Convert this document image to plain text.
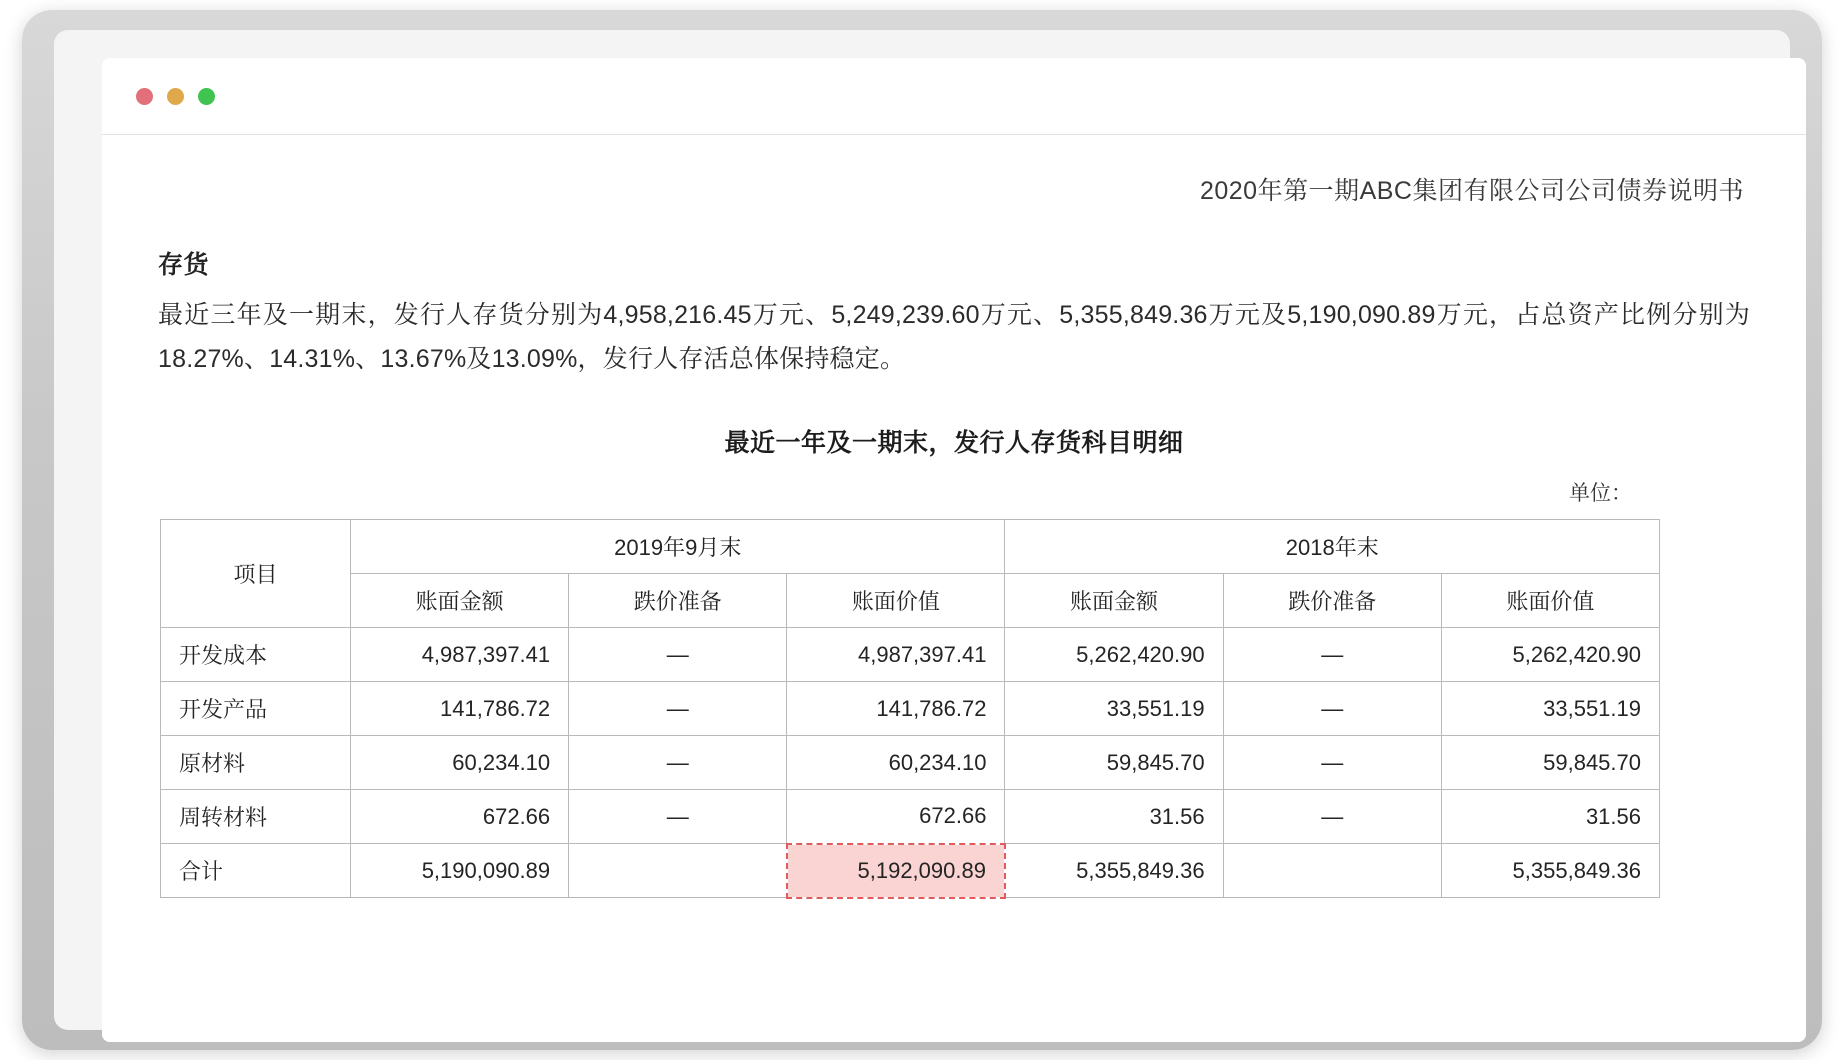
2020年第一期ABC集团有限公司公司债券说明书
存货
最近三年及一期末，发行人存货分别为4,958,216.45万元、5,249,239.60万元、5,355,849.36万元及5,190,090.89万元，占总资产比例分别为18.27%、14.31%、13.67%及13.09%，发行人存活总体保持稳定。
最近一年及一期末，发行人存货科目明细
单位：
项目	2019年9月末			2018年末		
	账面金额	跌价准备	账面价值	账面金额	跌价准备	账面价值
开发成本	4,987,397.41	—	4,987,397.41	5,262,420.90	—	5,262,420.90
开发产品	141,786.72	—	141,786.72	33,551.19	—	33,551.19
原材料	60,234.10	—	60,234.10	59,845.70	—	59,845.70
周转材料	672.66	—	672.66	31.56	—	31.56
合计	5,190,090.89		5,192,090.89	5,355,849.36		5,355,849.36
